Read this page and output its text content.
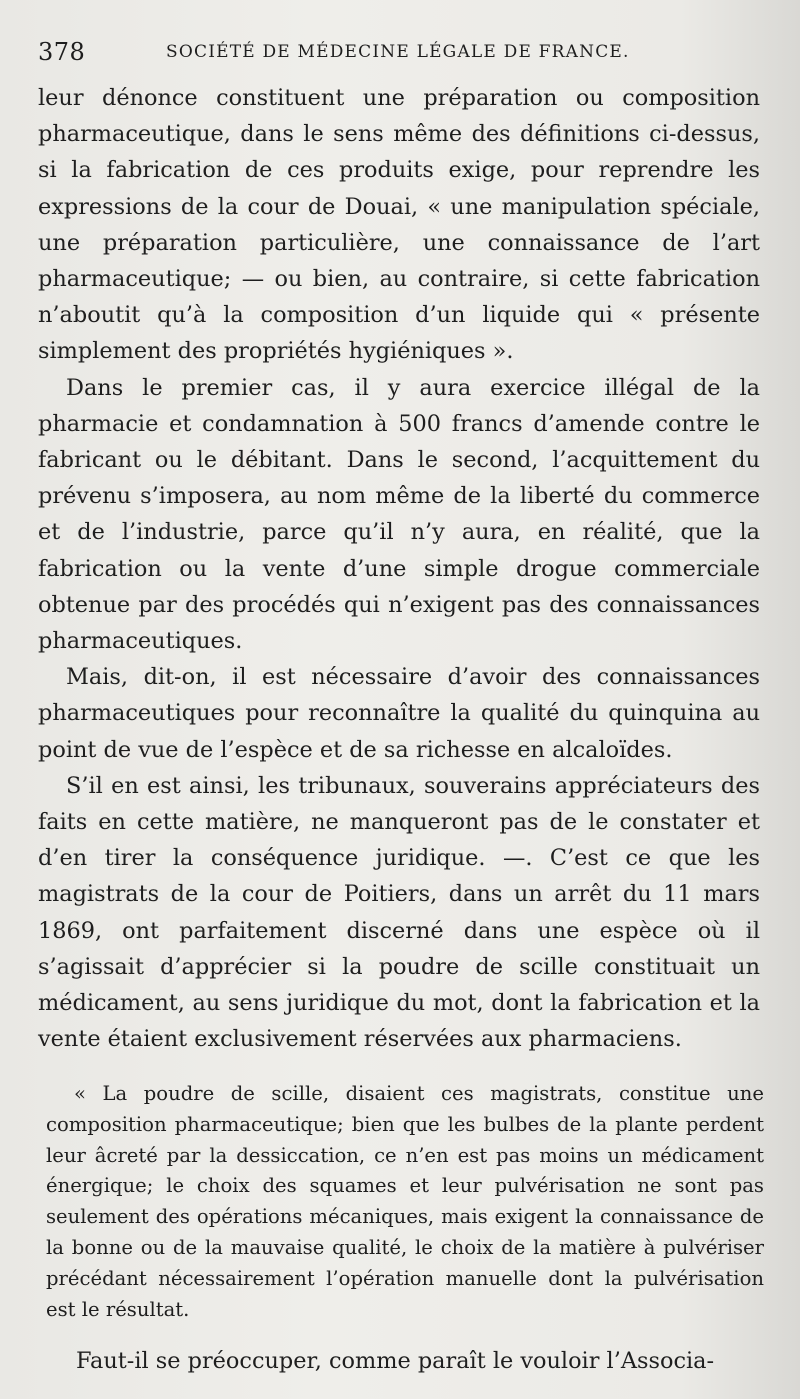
378	SOCIÉTÉ DE MÉDECINE LÉGALE DE FRANCE.

leur dénonce constituent une préparation ou composition pharmaceutique, dans le sens même des définitions ci-dessus, si la fabrication de ces produits exige, pour reprendre les expressions de la cour de Douai, « une manipulation spéciale, une préparation particulière, une connaissance de l’art pharmaceutique; — ou bien, au contraire, si cette fabrication n’aboutit qu’à la composition d’un liquide qui « présente simplement des propriétés hygiéniques ».

Dans le premier cas, il y aura exercice illégal de la pharmacie et condamnation à 500 francs d’amende contre le fabricant ou le débitant. Dans le second, l’acquittement du prévenu s’imposera, au nom même de la liberté du commerce et de l’industrie, parce qu’il n’y aura, en réalité, que la fabrication ou la vente d’une simple drogue commerciale obtenue par des procédés qui n’exigent pas des connaissances pharmaceutiques.

Mais, dit-on, il est nécessaire d’avoir des connaissances pharmaceutiques pour reconnaître la qualité du quinquina au point de vue de l’espèce et de sa richesse en alcaloïdes.

S’il en est ainsi, les tribunaux, souverains appréciateurs des faits en cette matière, ne manqueront pas de le constater et d’en tirer la conséquence juridique. —. C’est ce que les magistrats de la cour de Poitiers, dans un arrêt du 11 mars 1869, ont parfaitement discerné dans une espèce où il s’agissait d’apprécier si la poudre de scille constituait un médicament, au sens juridique du mot, dont la fabrication et la vente étaient exclusivement réservées aux pharmaciens.

« La poudre de scille, disaient ces magistrats, constitue une composition pharmaceutique; bien que les bulbes de la plante perdent leur âcreté par la dessiccation, ce n’en est pas moins un médicament énergique; le choix des squames et leur pulvérisation ne sont pas seulement des opérations mécaniques, mais exigent la connaissance de la bonne ou de la mauvaise qualité, le choix de la matière à pulvériser précédant nécessairement l’opération manuelle dont la pulvérisation est le résultat.

Faut-il se préoccuper, comme paraît le vouloir l’Associa-
